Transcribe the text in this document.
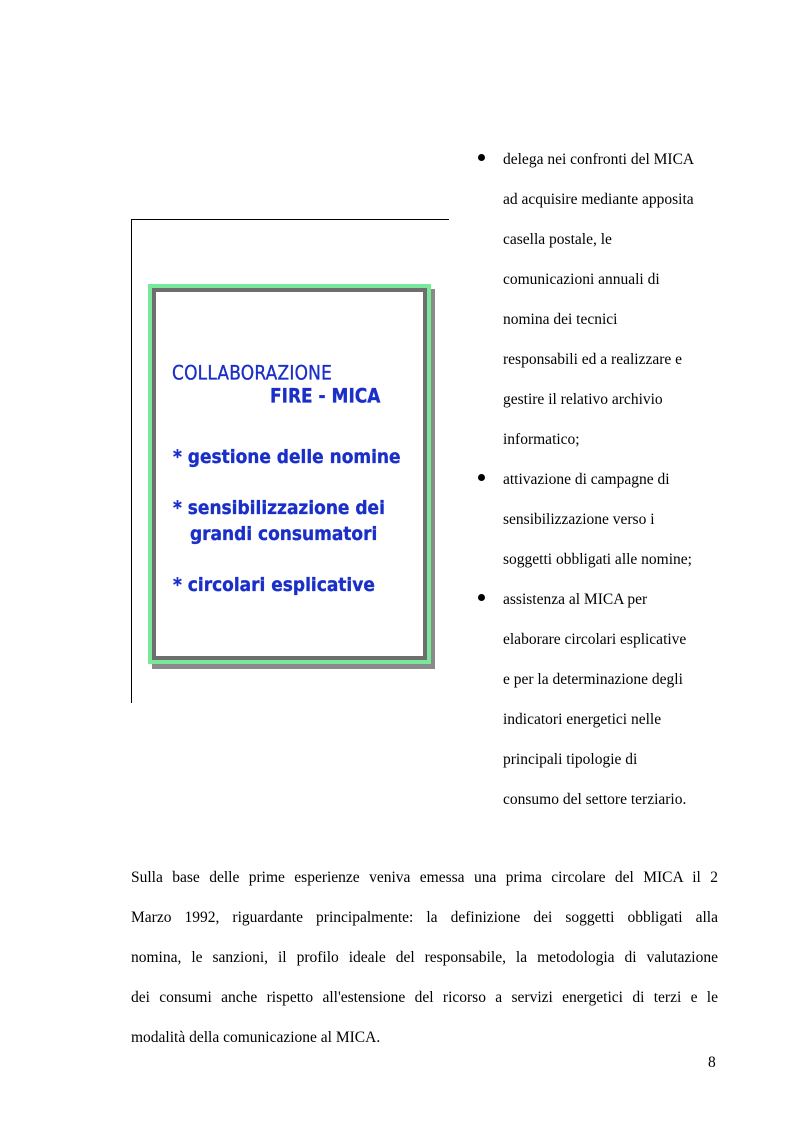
COLLABORAZIONE
FIRE - MICA
* gestione delle nomine
* sensibilizzazione dei
grandi consumatori
* circolari esplicative
delega nei confronti del MICA
ad acquisire mediante apposita
casella postale, le
comunicazioni annuali di
nomina dei tecnici
responsabili ed a realizzare e
gestire il relativo archivio
informatico;
attivazione di campagne di
sensibilizzazione verso i
soggetti obbligati alle nomine;
assistenza al MICA per
elaborare circolari esplicative
e per la determinazione degli
indicatori energetici nelle
principali tipologie di
consumo del settore terziario.
Sulla base delle prime esperienze veniva emessa una prima circolare del MICA il 2
Marzo 1992, riguardante principalmente: la definizione dei soggetti obbligati alla
nomina, le sanzioni, il profilo ideale del responsabile, la metodologia di valutazione
dei consumi anche rispetto all'estensione del ricorso a servizi energetici di terzi e le
modalità della comunicazione al MICA.
8
